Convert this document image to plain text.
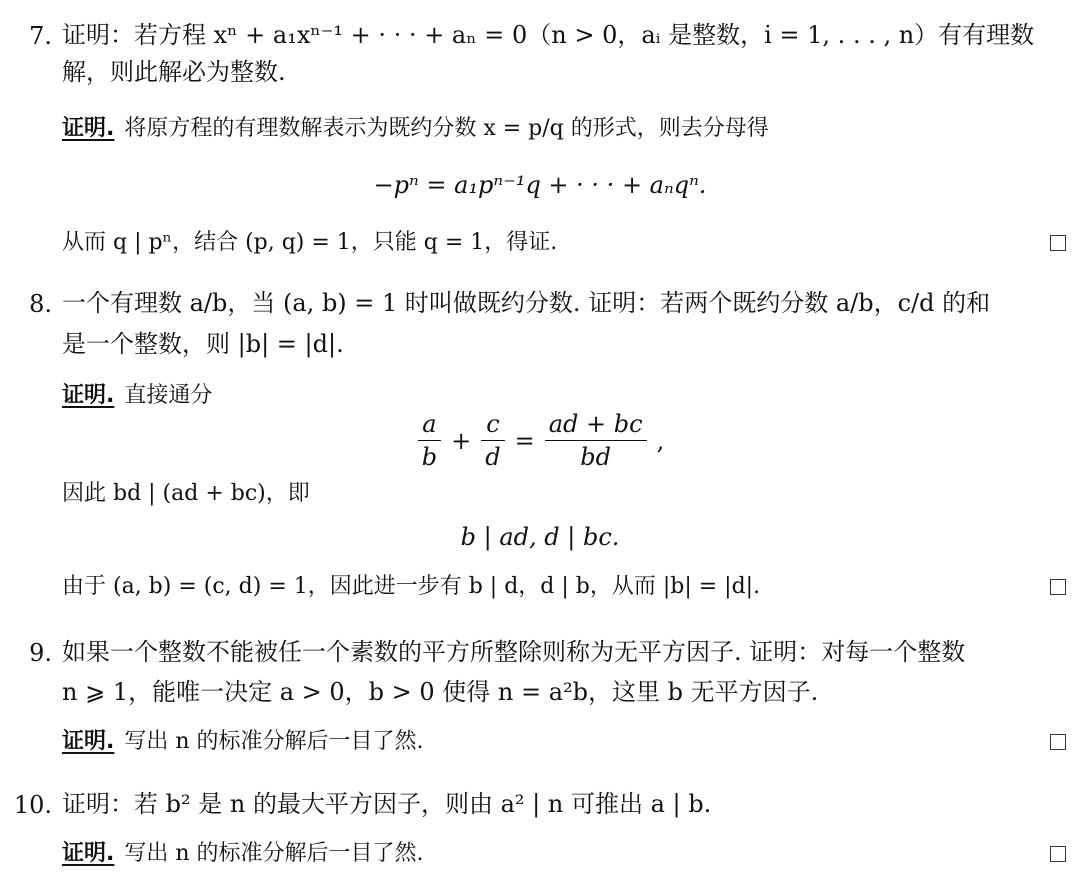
7. 证明：若方程 xⁿ + a₁xⁿ⁻¹ + · · · + aₙ = 0（n > 0，aᵢ 是整数，i = 1, . . . , n）有有理数
解，则此解必为整数.
证明. 将原方程的有理数解表示为既约分数 x = p/q 的形式，则去分母得
−pⁿ = a₁pⁿ⁻¹q + · · · + aₙqⁿ.
从而 q | pⁿ，结合 (p, q) = 1，只能 q = 1，得证.
8. 一个有理数 a/b，当 (a, b) = 1 时叫做既约分数. 证明：若两个既约分数 a/b，c/d 的和
是一个整数，则 |b| = |d|.
证明. 直接通分
$\frac{a}{b} + \frac{c}{d} = \frac{ad + bc}{bd}$ ,
因此 bd | (ad + bc)，即
b | ad, d | bc.
由于 (a, b) = (c, d) = 1，因此进一步有 b | d，d | b，从而 |b| = |d|.
9. 如果一个整数不能被任一个素数的平方所整除则称为无平方因子. 证明：对每一个整数
n ⩾ 1，能唯一决定 a > 0，b > 0 使得 n = a²b，这里 b 无平方因子.
证明. 写出 n 的标准分解后一目了然.
10. 证明：若 b² 是 n 的最大平方因子，则由 a² | n 可推出 a | b.
证明. 写出 n 的标准分解后一目了然.
